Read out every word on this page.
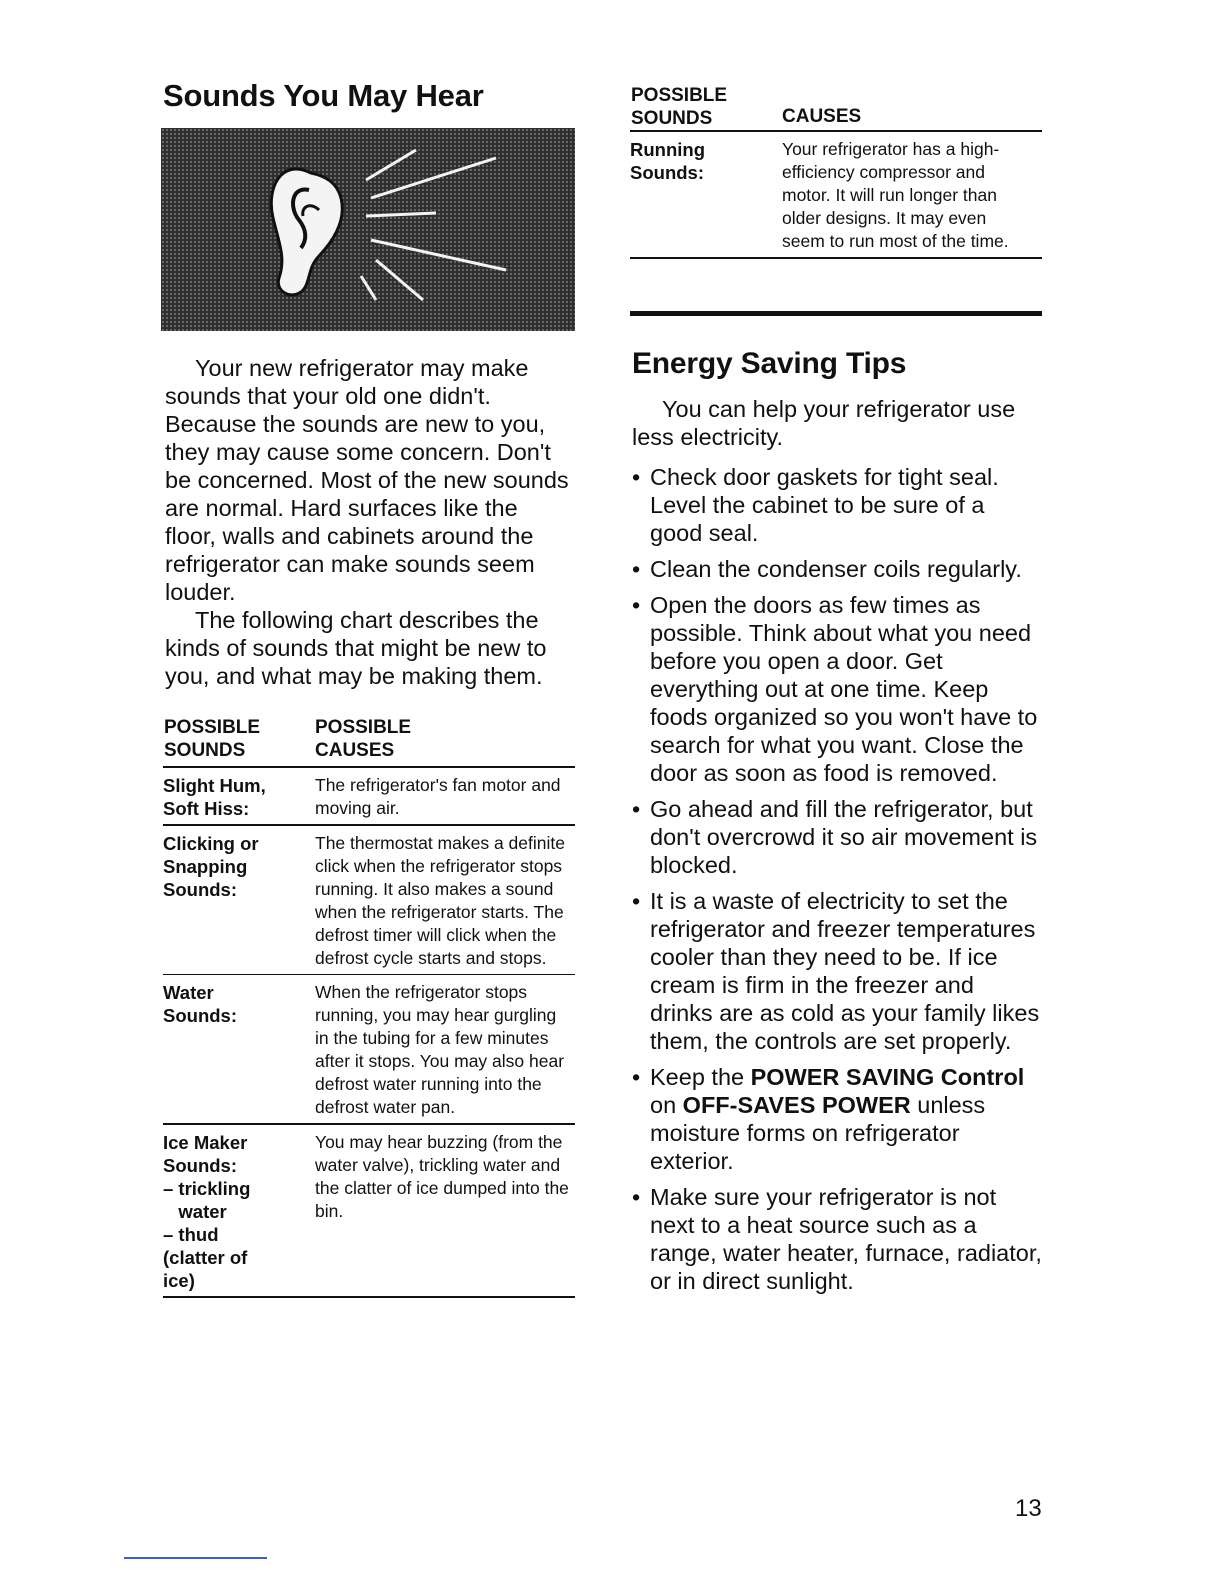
Sounds You May Hear

Your new refrigerator may make sounds that your old one didn't. Because the sounds are new to you, they may cause some concern. Don't be concerned. Most of the new sounds are normal. Hard surfaces like the floor, walls and cabinets around the refrigerator can make sounds seem louder.

The following chart describes the kinds of sounds that might be new to you, and what may be making them.

POSSIBLE
SOUNDS
POSSIBLE
CAUSES
Slight Hum,
Soft Hiss:
The refrigerator's fan motor and moving air.
Clicking or
Snapping
Sounds:
The thermostat makes a definite click when the refrigerator stops running. It also makes a sound when the refrigerator starts. The defrost timer will click when the defrost cycle starts and stops.
Water
Sounds:
When the refrigerator stops running, you may hear gurgling in the tubing for a few minutes after it stops. You may also hear defrost water running into the defrost water pan.
Ice Maker
Sounds:
– trickling
water
– thud
(clatter of
ice)
You may hear buzzing (from the water valve), trickling water and the clatter of ice dumped into the bin.
POSSIBLE
SOUNDS	CAUSES
Running
Sounds:
Your refrigerator has a high-efficiency compressor and motor. It will run longer than older designs. It may even seem to run most of the time.
Energy Saving Tips

You can help your refrigerator use less electricity.

• Check door gaskets for tight seal. Level the cabinet to be sure of a good seal.
• Clean the condenser coils regularly.
• Open the doors as few times as possible. Think about what you need before you open a door. Get everything out at one time. Keep foods organized so you won't have to search for what you want. Close the door as soon as food is removed.
• Go ahead and fill the refrigerator, but don't overcrowd it so air movement is blocked.
• It is a waste of electricity to set the refrigerator and freezer temperatures cooler than they need to be. If ice cream is firm in the freezer and drinks are as cold as your family likes them, the controls are set properly.
• Keep the POWER SAVING Control on OFF-SAVES POWER unless moisture forms on refrigerator exterior.
• Make sure your refrigerator is not next to a heat source such as a range, water heater, furnace, radiator, or in direct sunlight.
13
